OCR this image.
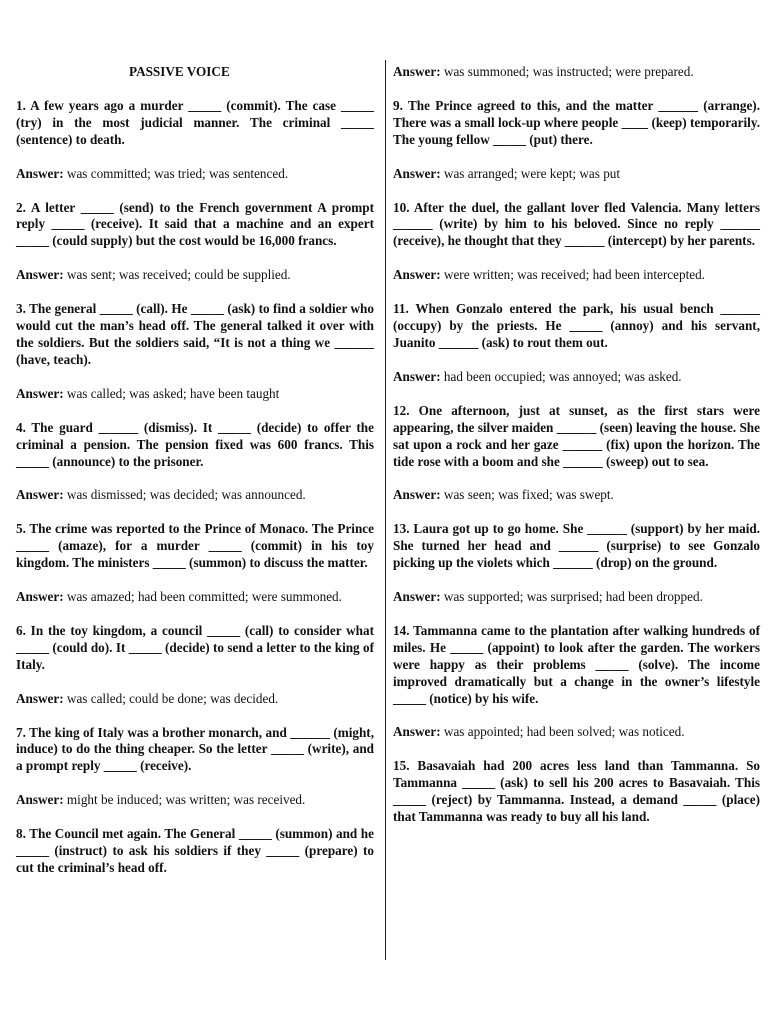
PASSIVE VOICE
1. A few years ago a murder _____ (commit). The case _____ (try) in the most judicial manner. The criminal _____ (sentence) to death.
Answer: was committed; was tried; was sentenced.
2. A letter _____ (send) to the French government A prompt reply _____ (receive). It said that a machine and an expert _____ (could supply) but the cost would be 16,000 francs.
Answer: was sent; was received; could be supplied.
3. The general _____ (call). He _____ (ask) to find a soldier who would cut the man’s head off. The general talked it over with the soldiers. But the soldiers said, “It is not a thing we ______ (have, teach).
Answer: was called; was asked; have been taught
4. The guard ______ (dismiss). It _____ (decide) to offer the criminal a pension. The pension fixed was 600 francs. This _____ (announce) to the prisoner.
Answer: was dismissed; was decided; was announced.
5. The crime was reported to the Prince of Monaco. The Prince _____ (amaze), for a murder _____ (commit) in his toy kingdom. The ministers _____ (summon) to discuss the matter.
Answer: was amazed; had been committed; were summoned.
6. In the toy kingdom, a council _____ (call) to consider what _____ (could do). It _____ (decide) to send a letter to the king of Italy.
Answer: was called; could be done; was decided.
7. The king of Italy was a brother monarch, and ______ (might, induce) to do the thing cheaper. So the letter _____ (write), and a prompt reply _____ (receive).
Answer: might be induced; was written; was received.
8. The Council met again. The General _____ (summon) and he _____ (instruct) to ask his soldiers if they _____ (prepare) to cut the criminal’s head off.
Answer: was summoned; was instructed; were prepared.
9. The Prince agreed to this, and the matter ______ (arrange). There was a small lock-up where people ____ (keep) temporarily. The young fellow _____ (put) there.
Answer: was arranged; were kept; was put
10. After the duel, the gallant lover fled Valencia. Many letters ______ (write) by him to his beloved. Since no reply ______ (receive), he thought that they ______ (intercept) by her parents.
Answer: were written; was received; had been intercepted.
11. When Gonzalo entered the park, his usual bench ______ (occupy) by the priests. He _____ (annoy) and his servant, Juanito ______ (ask) to rout them out.
Answer: had been occupied; was annoyed; was asked.
12. One afternoon, just at sunset, as the first stars were appearing, the silver maiden ______ (seen) leaving the house. She sat upon a rock and her gaze ______ (fix) upon the horizon. The tide rose with a boom and she ______ (sweep) out to sea.
Answer: was seen; was fixed; was swept.
13. Laura got up to go home. She ______ (support) by her maid. She turned her head and ______ (surprise) to see Gonzalo picking up the violets which ______ (drop) on the ground.
Answer: was supported; was surprised; had been dropped.
14. Tammanna came to the plantation after walking hundreds of miles. He _____ (appoint) to look after the garden. The workers were happy as their problems _____ (solve). The income improved dramatically but a change in the owner’s lifestyle _____ (notice) by his wife.
Answer: was appointed; had been solved; was noticed.
15. Basavaiah had 200 acres less land than Tammanna. So Tammanna _____ (ask) to sell his 200 acres to Basavaiah. This _____ (reject) by Tammanna. Instead, a demand _____ (place) that Tammanna was ready to buy all his land.
